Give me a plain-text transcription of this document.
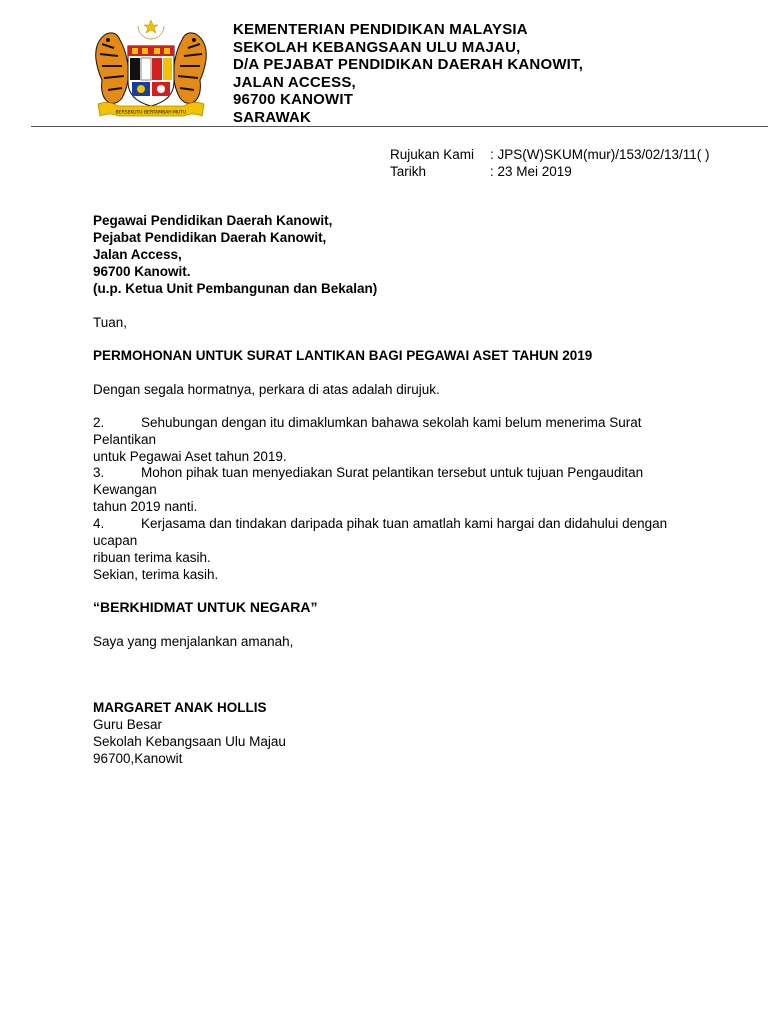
BERSEKUTU BERTAMBAH MUTU
KEMENTERIAN PENDIDIKAN MALAYSIA
SEKOLAH KEBANGSAAN ULU MAJAU,
D/A PEJABAT PENDIDIKAN DAERAH KANOWIT,
JALAN ACCESS,
96700 KANOWIT
SARAWAK
Rujukan Kami	: JPS(W)SKUM(mur)/153/02/13/11( )
Tarikh	: 23 Mei 2019
Pegawai Pendidikan Daerah Kanowit,
Pejabat Pendidikan Daerah Kanowit,
Jalan Access,
96700 Kanowit.
(u.p. Ketua Unit Pembangunan dan Bekalan)
Tuan,
PERMOHONAN UNTUK SURAT LANTIKAN BAGI PEGAWAI ASET TAHUN 2019
Dengan segala hormatnya, perkara di atas adalah dirujuk.
2.	Sehubungan dengan itu dimaklumkan bahawa sekolah kami belum menerima Surat Pelantikan
untuk Pegawai Aset tahun 2019.
3.	Mohon pihak tuan menyediakan Surat pelantikan tersebut untuk tujuan Pengauditan Kewangan
tahun 2019 nanti.
4.	Kerjasama dan tindakan daripada pihak tuan amatlah kami hargai dan didahului dengan ucapan
ribuan terima kasih.
Sekian, terima kasih.
“BERKHIDMAT UNTUK NEGARA”
Saya yang menjalankan amanah,
MARGARET ANAK HOLLIS
Guru Besar
Sekolah Kebangsaan Ulu Majau
96700,Kanowit
